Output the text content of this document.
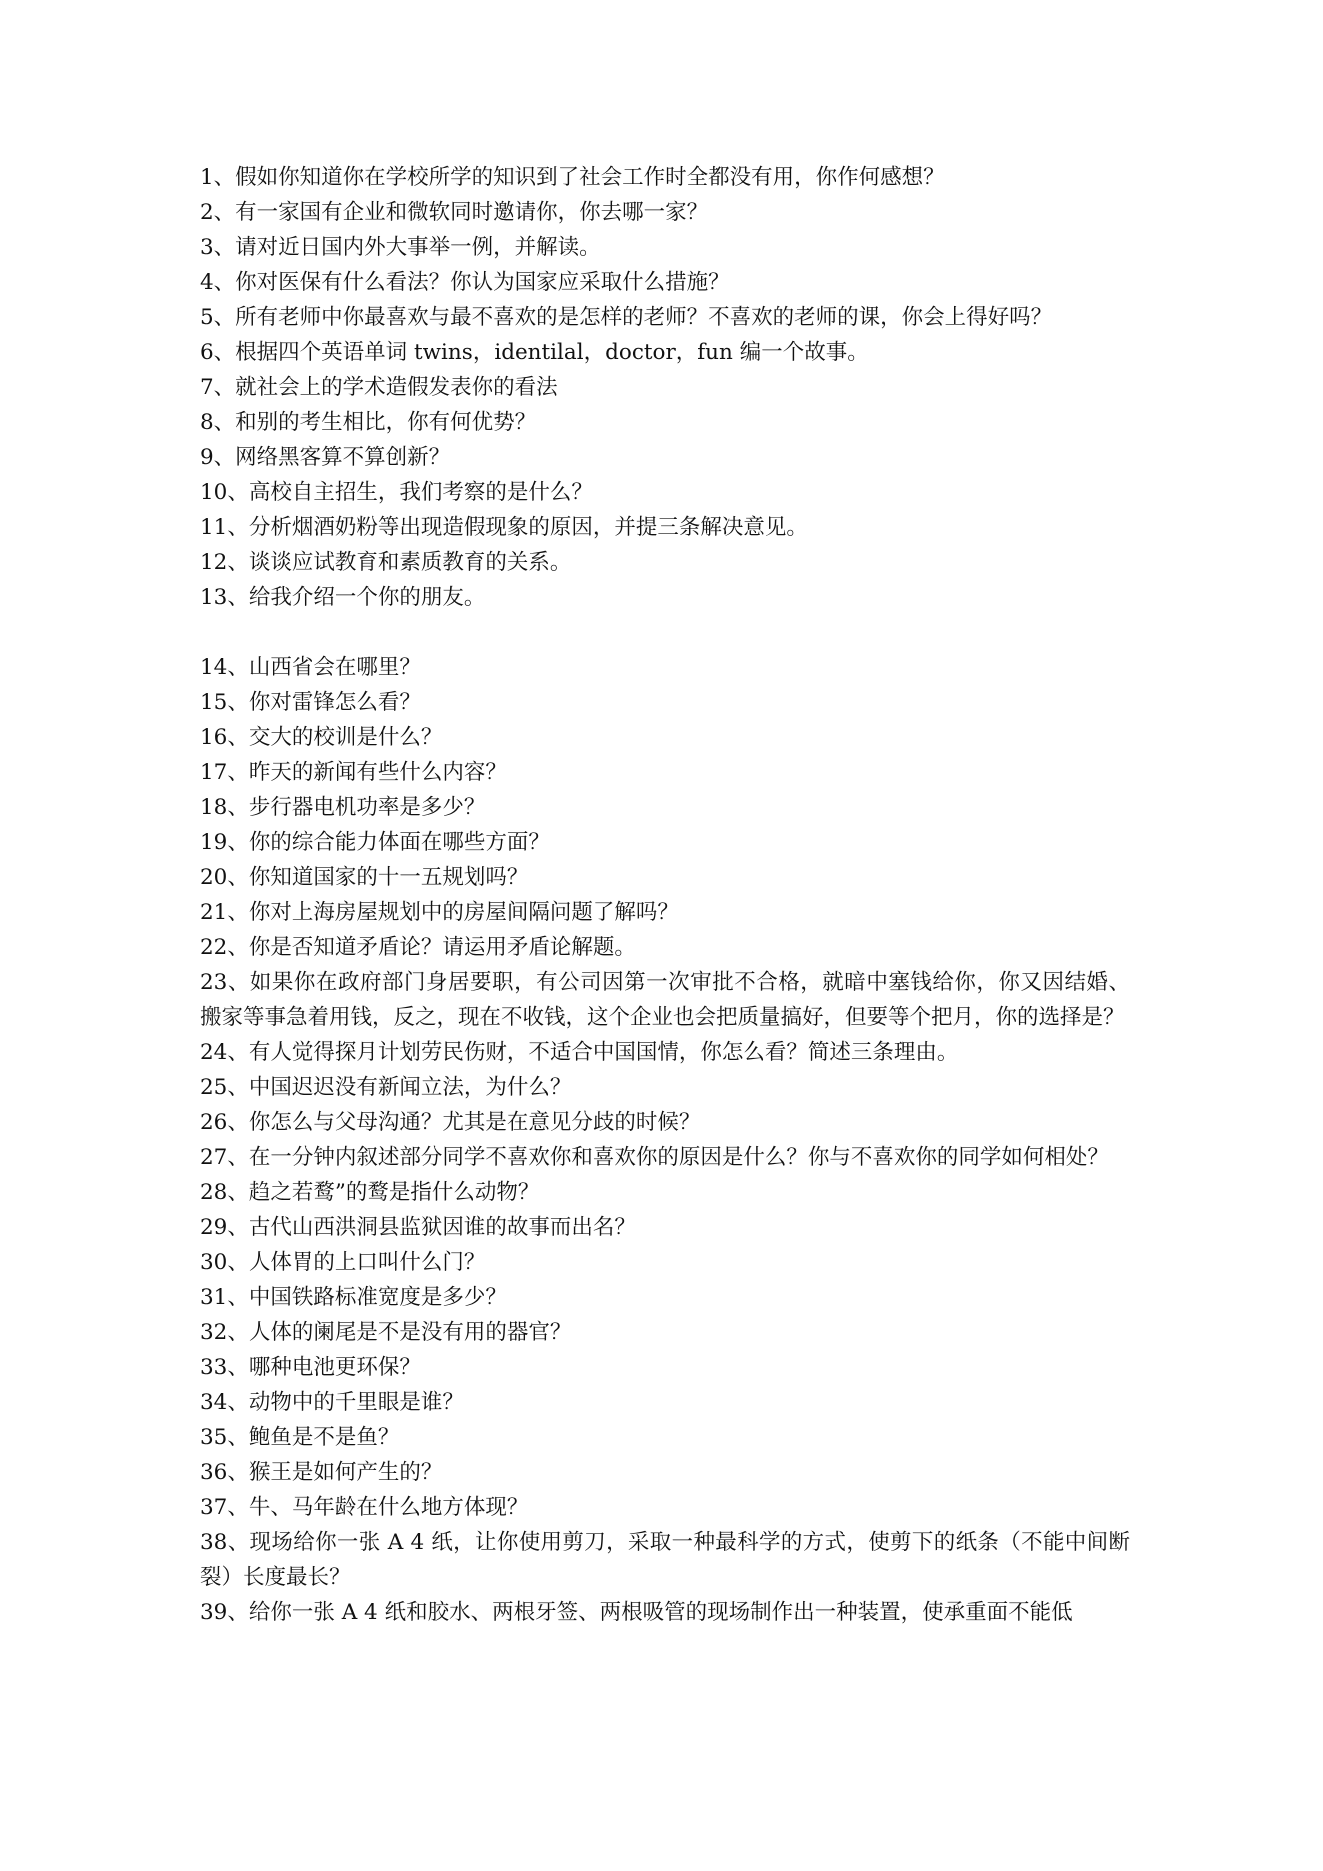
1、假如你知道你在学校所学的知识到了社会工作时全都没有用，你作何感想？

2、有一家国有企业和微软同时邀请你，你去哪一家？

3、请对近日国内外大事举一例，并解读。

4、你对医保有什么看法？你认为国家应采取什么措施？

5、所有老师中你最喜欢与最不喜欢的是怎样的老师？不喜欢的老师的课，你会上得好吗？

6、根据四个英语单词 twins，identilal，doctor，fun 编一个故事。

7、就社会上的学术造假发表你的看法

8、和别的考生相比，你有何优势？

9、网络黑客算不算创新？

10、高校自主招生，我们考察的是什么？

11、分析烟酒奶粉等出现造假现象的原因，并提三条解决意见。

12、谈谈应试教育和素质教育的关系。

13、给我介绍一个你的朋友。

14、山西省会在哪里？

15、你对雷锋怎么看？

16、交大的校训是什么？

17、昨天的新闻有些什么内容？

18、步行器电机功率是多少？

19、你的综合能力体面在哪些方面？

20、你知道国家的十一五规划吗？

21、你对上海房屋规划中的房屋间隔问题了解吗？

22、你是否知道矛盾论？请运用矛盾论解题。

23、如果你在政府部门身居要职，有公司因第一次审批不合格，就暗中塞钱给你，你又因结婚、搬家等事急着用钱，反之，现在不收钱，这个企业也会把质量搞好，但要等个把月，你的选择是？

24、有人觉得探月计划劳民伤财，不适合中国国情，你怎么看？简述三条理由。

25、中国迟迟没有新闻立法，为什么？

26、你怎么与父母沟通？尤其是在意见分歧的时候？

27、在一分钟内叙述部分同学不喜欢你和喜欢你的原因是什么？你与不喜欢你的同学如何相处？

28、趋之若鹜”的鹜是指什么动物？

29、古代山西洪洞县监狱因谁的故事而出名？

30、人体胃的上口叫什么门？

31、中国铁路标准宽度是多少？

32、人体的阑尾是不是没有用的器官？

33、哪种电池更环保？

34、动物中的千里眼是谁？

35、鲍鱼是不是鱼？

36、猴王是如何产生的？

37、牛、马年龄在什么地方体现？

38、现场给你一张 A 4 纸，让你使用剪刀，采取一种最科学的方式，使剪下的纸条（不能中间断裂）长度最长？

39、给你一张 A 4 纸和胶水、两根牙签、两根吸管的现场制作出一种装置，使承重面不能低
